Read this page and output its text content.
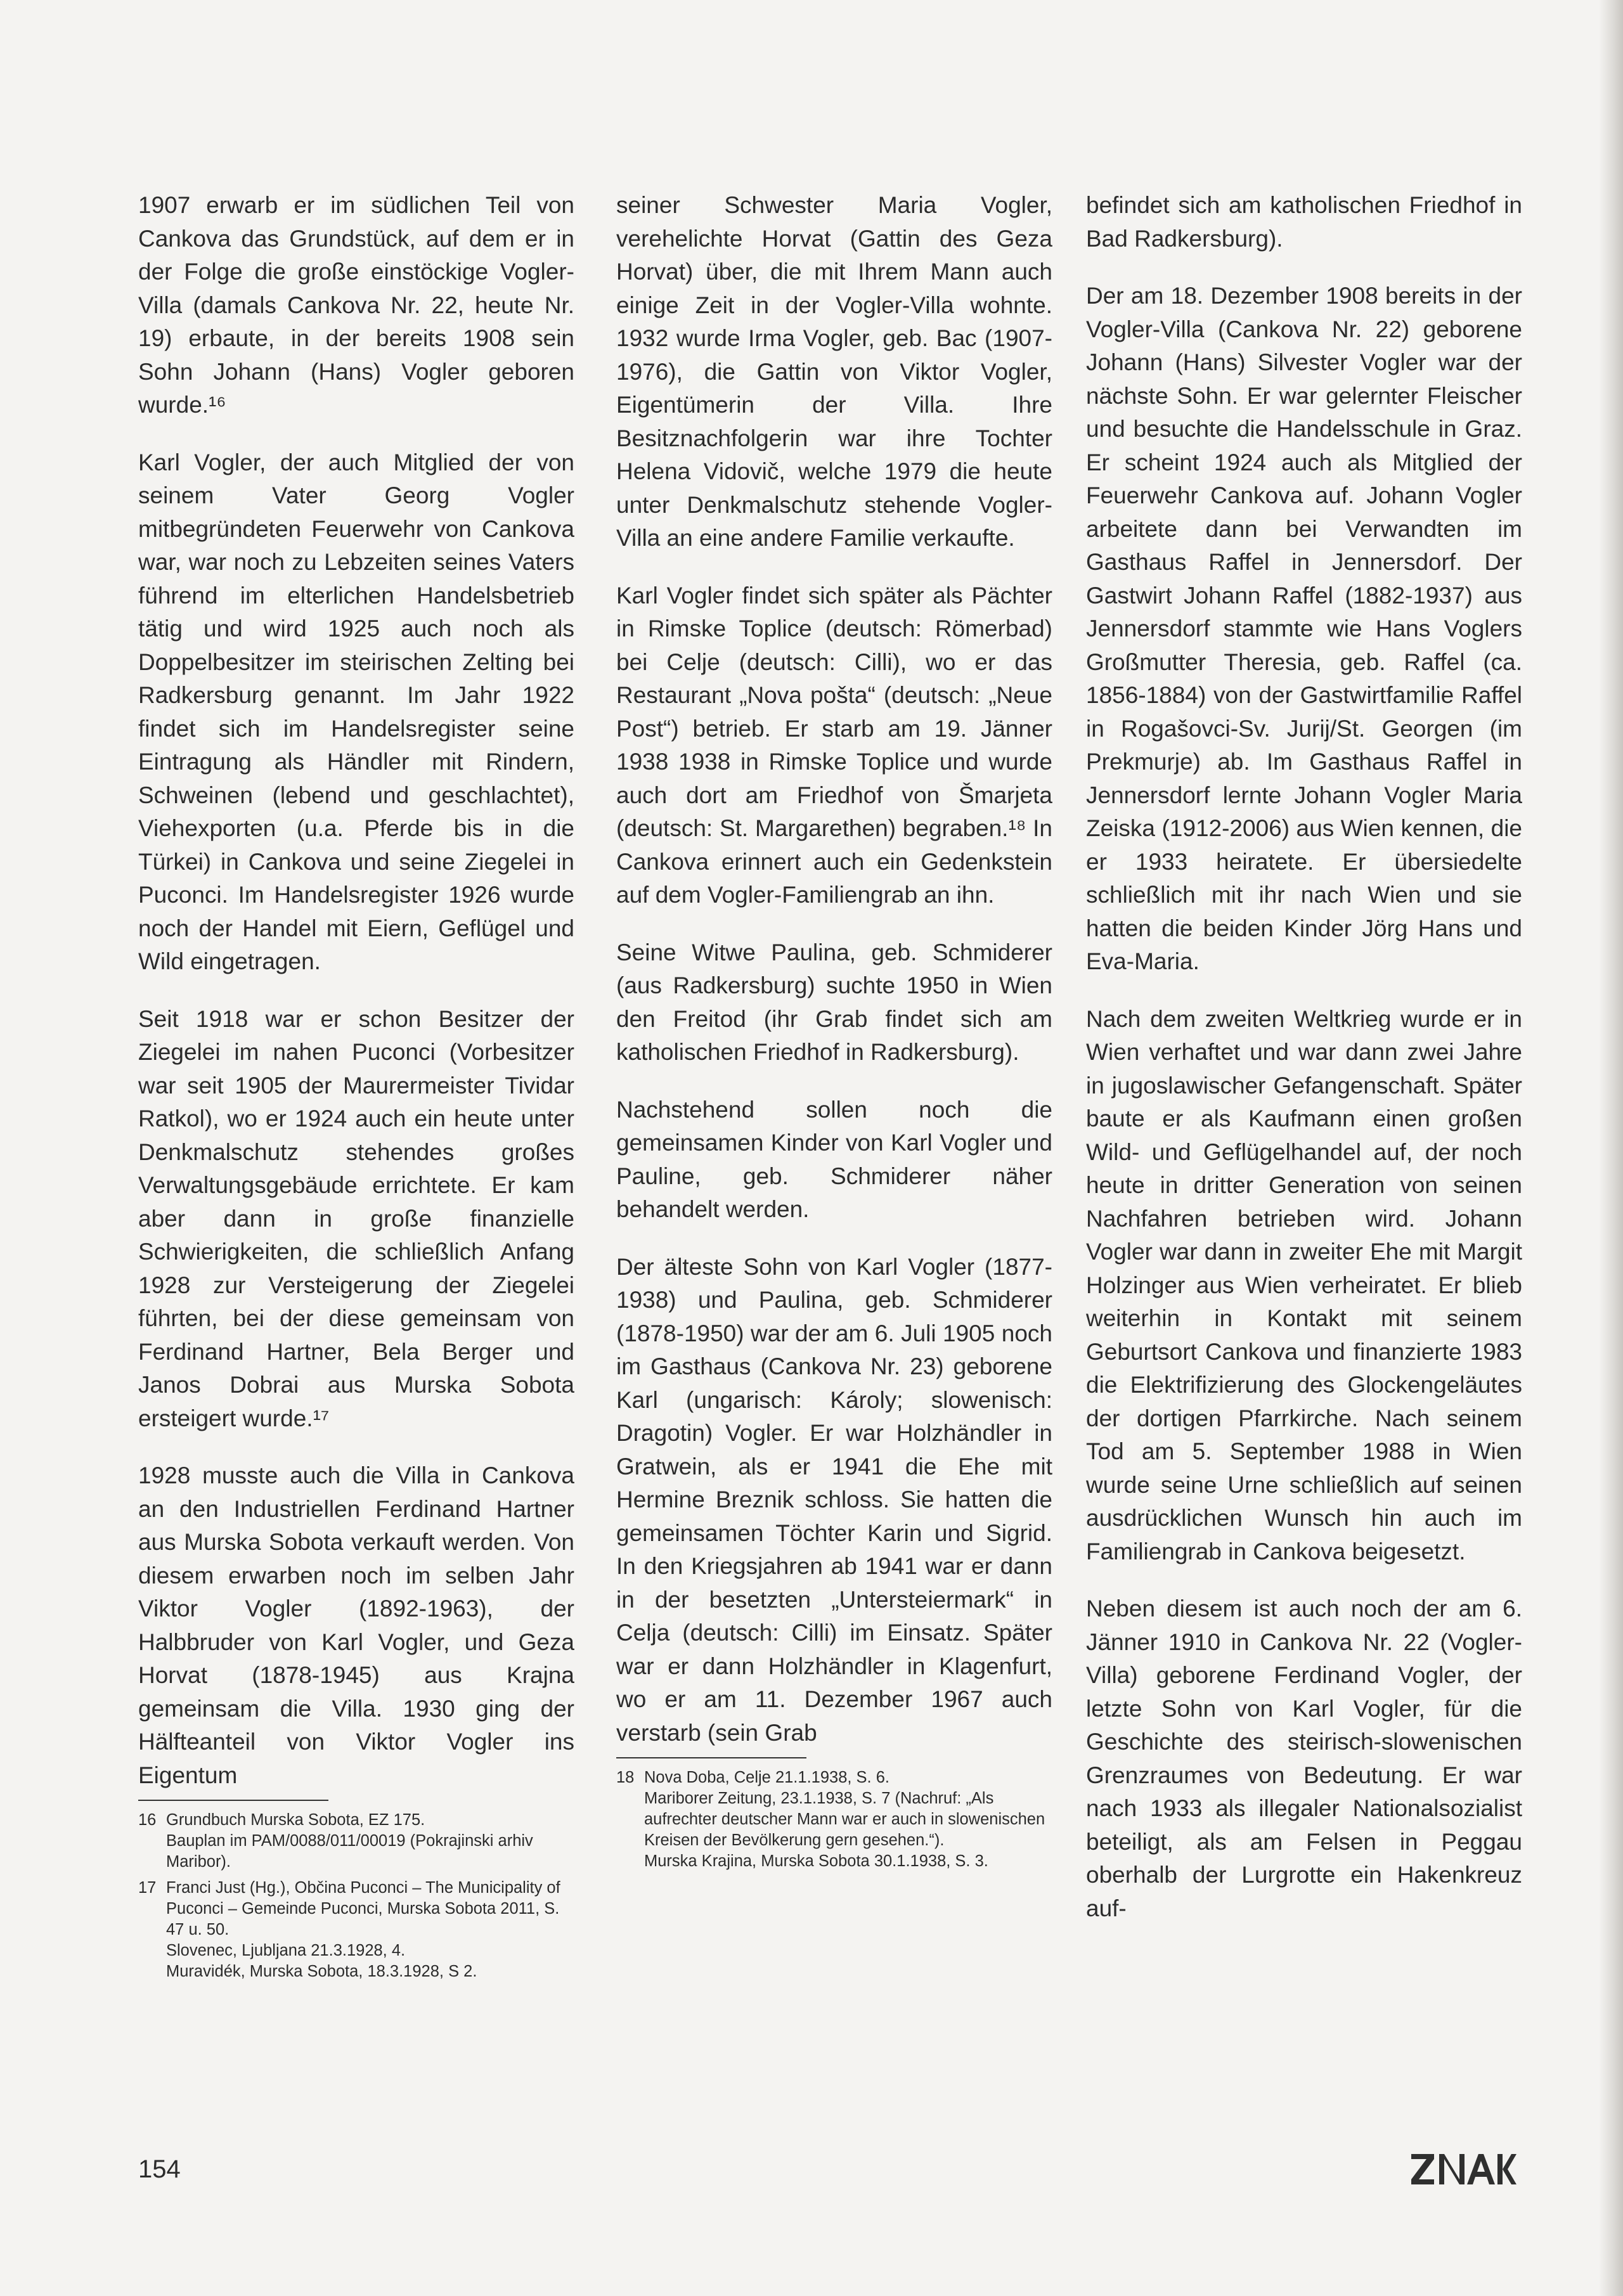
1907 erwarb er im südlichen Teil von Cankova das Grundstück, auf dem er in der Folge die große einstöckige Vogler-Villa (damals Cankova Nr. 22, heute Nr. 19) erbaute, in der bereits 1908 sein Sohn Johann (Hans) Vogler geboren wurde.¹⁶

Karl Vogler, der auch Mitglied der von seinem Vater Georg Vogler mitbegründeten Feuerwehr von Cankova war, war noch zu Lebzeiten seines Vaters führend im elterlichen Handelsbetrieb tätig und wird 1925 auch noch als Doppelbesitzer im steirischen Zelting bei Radkersburg genannt. Im Jahr 1922 findet sich im Handelsregister seine Eintragung als Händler mit Rindern, Schweinen (lebend und geschlachtet), Viehexporten (u.a. Pferde bis in die Türkei) in Cankova und seine Ziegelei in Puconci. Im Handelsregister 1926 wurde noch der Handel mit Eiern, Geflügel und Wild eingetragen.

Seit 1918 war er schon Besitzer der Ziegelei im nahen Puconci (Vorbesitzer war seit 1905 der Maurermeister Tividar Ratkol), wo er 1924 auch ein heute unter Denkmalschutz stehendes großes Verwaltungsgebäude errichtete. Er kam aber dann in große finanzielle Schwierigkeiten, die schließlich Anfang 1928 zur Versteigerung der Ziegelei führten, bei der diese gemeinsam von Ferdinand Hartner, Bela Berger und Janos Dobrai aus Murska Sobota ersteigert wurde.¹⁷

1928 musste auch die Villa in Cankova an den Industriellen Ferdinand Hartner aus Murska Sobota verkauft werden. Von diesem erwarben noch im selben Jahr Viktor Vogler (1892-1963), der Halbbruder von Karl Vogler, und Geza Horvat (1878-1945) aus Krajna gemeinsam die Villa. 1930 ging der Hälfteanteil von Viktor Vogler ins Eigentum

16 Grundbuch Murska Sobota, EZ 175.
Bauplan im PAM/0088/011/00019 (Pokrajinski arhiv Maribor).
17 Franci Just (Hg.), Občina Puconci – The Municipality of Puconci – Gemeinde Puconci, Murska Sobota 2011, S. 47 u. 50.
Slovenec, Ljubljana 21.3.1928, 4.
Muravidék, Murska Sobota, 18.3.1928, S 2.

seiner Schwester Maria Vogler, verehelichte Horvat (Gattin des Geza Horvat) über, die mit Ihrem Mann auch einige Zeit in der Vogler-Villa wohnte. 1932 wurde Irma Vogler, geb. Bac (1907-1976), die Gattin von Viktor Vogler, Eigentümerin der Villa. Ihre Besitznachfolgerin war ihre Tochter Helena Vidovič, welche 1979 die heute unter Denkmalschutz stehende Vogler-Villa an eine andere Familie verkaufte.

Karl Vogler findet sich später als Pächter in Rimske Toplice (deutsch: Römerbad) bei Celje (deutsch: Cilli), wo er das Restaurant „Nova pošta“ (deutsch: „Neue Post“) betrieb. Er starb am 19. Jänner 1938 1938 in Rimske Toplice und wurde auch dort am Friedhof von Šmarjeta (deutsch: St. Margarethen) begraben.¹⁸ In Cankova erinnert auch ein Gedenkstein auf dem Vogler-Familiengrab an ihn.

Seine Witwe Paulina, geb. Schmiderer (aus Radkersburg) suchte 1950 in Wien den Freitod (ihr Grab findet sich am katholischen Friedhof in Radkersburg).

Nachstehend sollen noch die gemeinsamen Kinder von Karl Vogler und Pauline, geb. Schmiderer näher behandelt werden.

Der älteste Sohn von Karl Vogler (1877-1938) und Paulina, geb. Schmiderer (1878-1950) war der am 6. Juli 1905 noch im Gasthaus (Cankova Nr. 23) geborene Karl (ungarisch: Károly; slowenisch: Dragotin) Vogler. Er war Holzhändler in Gratwein, als er 1941 die Ehe mit Hermine Breznik schloss. Sie hatten die gemeinsamen Töchter Karin und Sigrid. In den Kriegsjahren ab 1941 war er dann in der besetzten „Untersteiermark“ in Celja (deutsch: Cilli) im Einsatz. Später war er dann Holzhändler in Klagenfurt, wo er am 11. Dezember 1967 auch verstarb (sein Grab

18 Nova Doba, Celje 21.1.1938, S. 6.
Mariborer Zeitung, 23.1.1938, S. 7 (Nachruf: „Als aufrechter deutscher Mann war er auch in slowenischen Kreisen der Bevölkerung gern gesehen.“).
Murska Krajina, Murska Sobota 30.1.1938, S. 3.

befindet sich am katholischen Friedhof in Bad Radkersburg).

Der am 18. Dezember 1908 bereits in der Vogler-Villa (Cankova Nr. 22) geborene Johann (Hans) Silvester Vogler war der nächste Sohn. Er war gelernter Fleischer und besuchte die Handelsschule in Graz. Er scheint 1924 auch als Mitglied der Feuerwehr Cankova auf. Johann Vogler arbeitete dann bei Verwandten im Gasthaus Raffel in Jennersdorf. Der Gastwirt Johann Raffel (1882-1937) aus Jennersdorf stammte wie Hans Voglers Großmutter Theresia, geb. Raffel (ca. 1856-1884) von der Gastwirtfamilie Raffel in Rogašovci-Sv. Jurij/St. Georgen (im Prekmurje) ab. Im Gasthaus Raffel in Jennersdorf lernte Johann Vogler Maria Zeiska (1912-2006) aus Wien kennen, die er 1933 heiratete. Er übersiedelte schließlich mit ihr nach Wien und sie hatten die beiden Kinder Jörg Hans und Eva-Maria.

Nach dem zweiten Weltkrieg wurde er in Wien verhaftet und war dann zwei Jahre in jugoslawischer Gefangenschaft. Später baute er als Kaufmann einen großen Wild- und Geflügelhandel auf, der noch heute in dritter Generation von seinen Nachfahren betrieben wird. Johann Vogler war dann in zweiter Ehe mit Margit Holzinger aus Wien verheiratet. Er blieb weiterhin in Kontakt mit seinem Geburtsort Cankova und finanzierte 1983 die Elektrifizierung des Glockengeläutes der dortigen Pfarrkirche. Nach seinem Tod am 5. September 1988 in Wien wurde seine Urne schließlich auf seinen ausdrücklichen Wunsch hin auch im Familiengrab in Cankova beigesetzt.

Neben diesem ist auch noch der am 6. Jänner 1910 in Cankova Nr. 22 (Vogler-Villa) geborene Ferdinand Vogler, der letzte Sohn von Karl Vogler, für die Geschichte des steirisch-slowenischen Grenzraumes von Bedeutung. Er war nach 1933 als illegaler Nationalsozialist beteiligt, als am Felsen in Peggau oberhalb der Lurgrotte ein Hakenkreuz auf-

154
